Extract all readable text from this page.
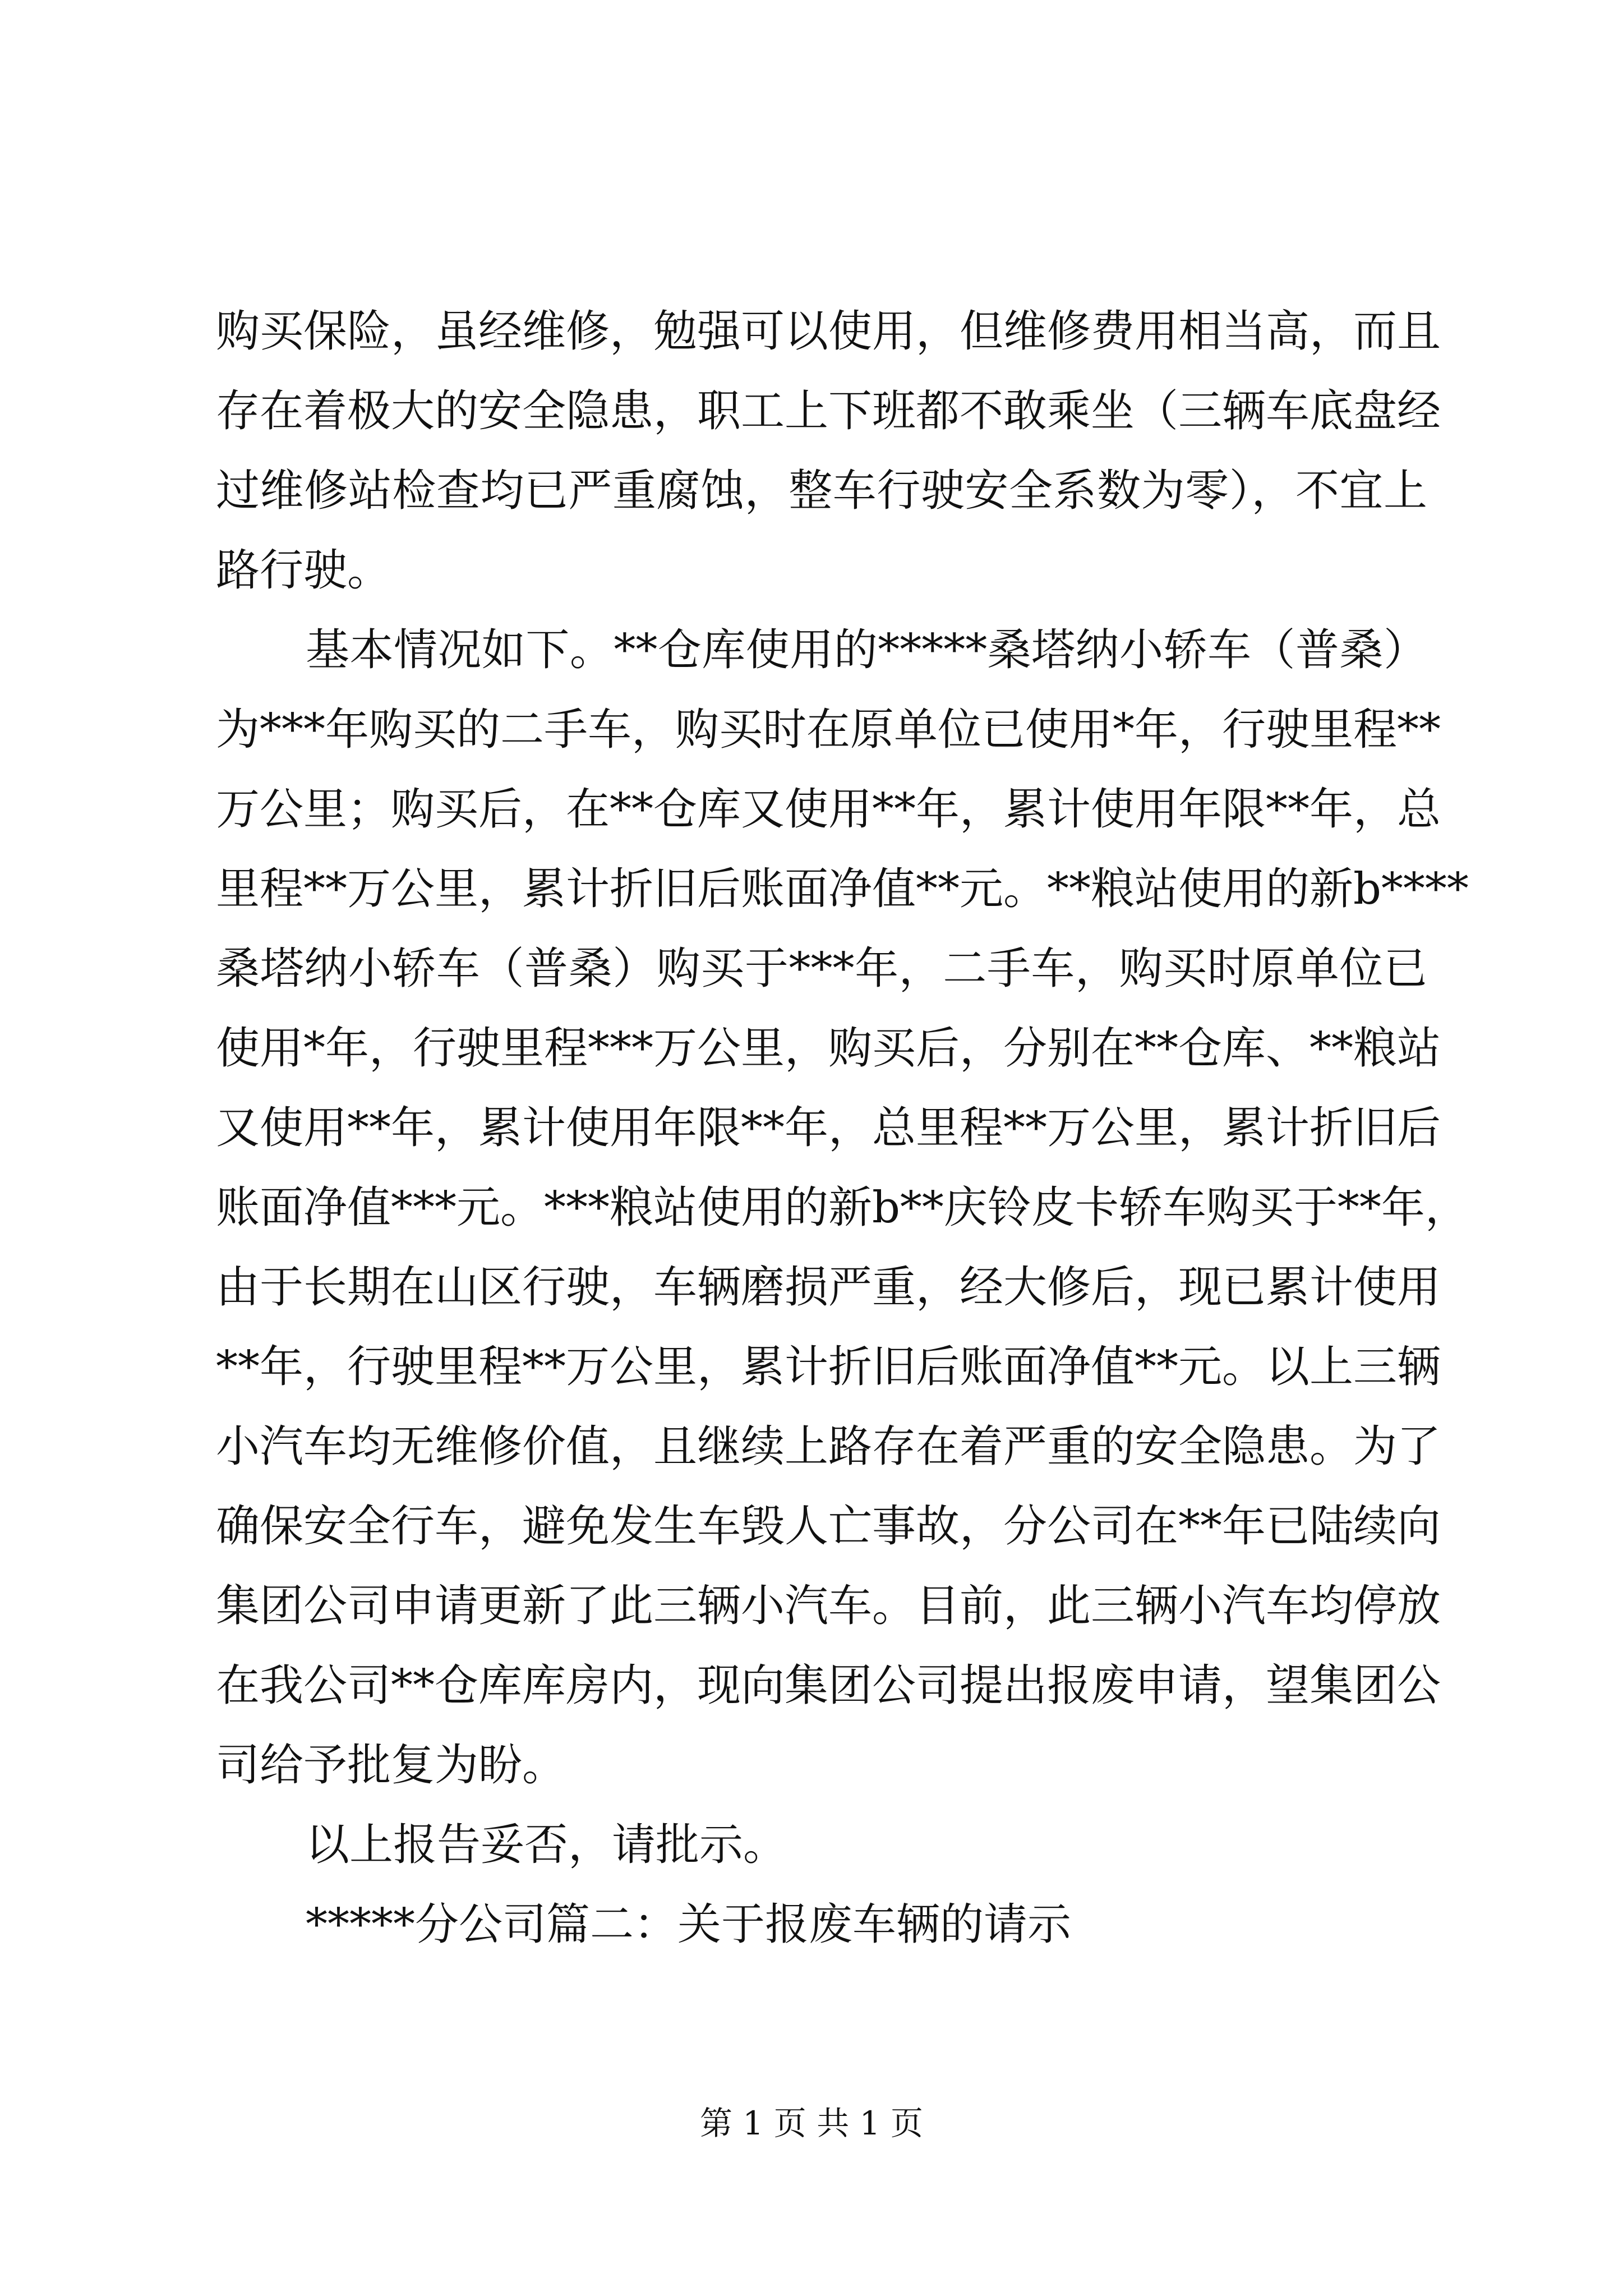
购买保险，虽经维修，勉强可以使用，但维修费用相当高，而且
存在着极大的安全隐患，职工上下班都不敢乘坐（三辆车底盘经
过维修站检查均已严重腐蚀，整车行驶安全系数为零），不宜上
路行驶。
基本情况如下。**仓库使用的*****桑塔纳小轿车（普桑）
为***年购买的二手车，购买时在原单位已使用*年，行驶里程**
万公里；购买后，在**仓库又使用**年，累计使用年限**年，总
里程**万公里，累计折旧后账面净值**元。**粮站使用的新b****
桑塔纳小轿车（普桑）购买于***年，二手车，购买时原单位已
使用*年，行驶里程***万公里，购买后，分别在**仓库、**粮站
又使用**年，累计使用年限**年，总里程**万公里，累计折旧后
账面净值***元。***粮站使用的新b**庆铃皮卡轿车购买于**年，
由于长期在山区行驶，车辆磨损严重，经大修后，现已累计使用
**年，行驶里程**万公里，累计折旧后账面净值**元。以上三辆
小汽车均无维修价值，且继续上路存在着严重的安全隐患。为了
确保安全行车，避免发生车毁人亡事故，分公司在**年已陆续向
集团公司申请更新了此三辆小汽车。目前，此三辆小汽车均停放
在我公司**仓库库房内，现向集团公司提出报废申请，望集团公
司给予批复为盼。
以上报告妥否，请批示。
*****分公司篇二：关于报废车辆的请示
第 1 页 共 1 页
